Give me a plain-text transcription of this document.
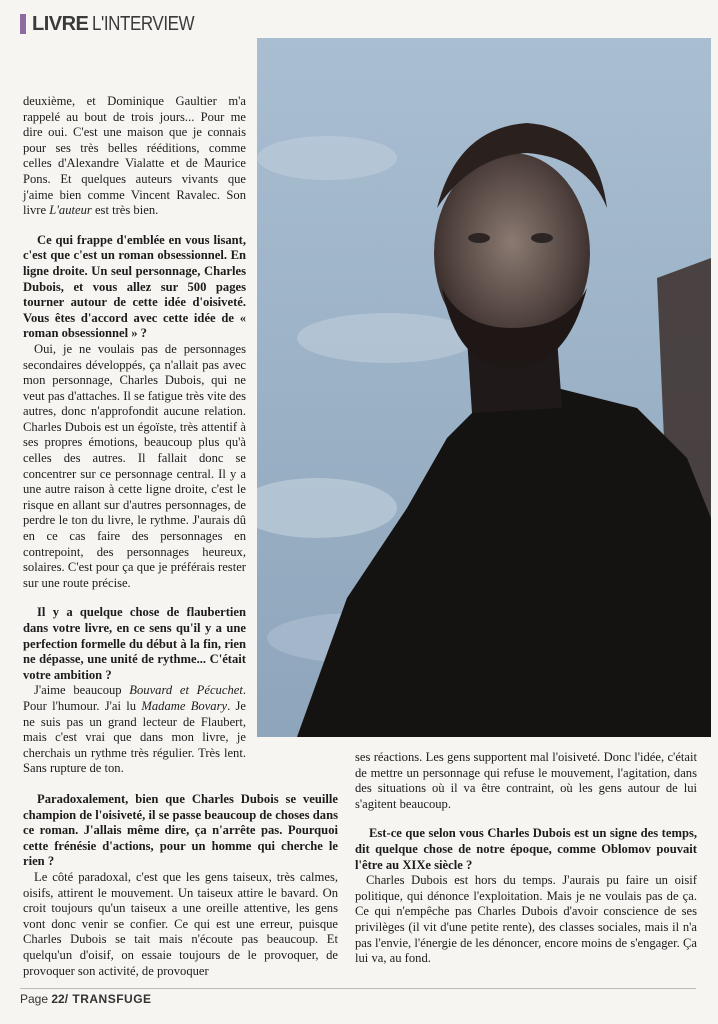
LIVRE L'INTERVIEW

deuxième, et Dominique Gaultier m'a rappelé au bout de trois jours... Pour me dire oui. C'est une maison que je connais pour ses très belles rééditions, comme celles d'Alexandre Vialatte et de Maurice Pons. Et quelques auteurs vivants que j'aime bien comme Vincent Ravalec. Son livre L'auteur est très bien.

Ce qui frappe d'emblée en vous lisant, c'est que c'est un roman obsessionnel. En ligne droite. Un seul personnage, Charles Dubois, et vous allez sur 500 pages tourner autour de cette idée d'oisiveté. Vous êtes d'accord avec cette idée de « roman obsessionnel » ?

Oui, je ne voulais pas de personnages secondaires développés, ça n'allait pas avec mon personnage, Charles Dubois, qui ne veut pas d'attaches. Il se fatigue très vite des autres, donc n'approfondit aucune relation. Charles Dubois est un égoïste, très attentif à ses propres émotions, beaucoup plus qu'à celles des autres. Il fallait donc se concentrer sur ce personnage central. Il y a une autre raison à cette ligne droite, c'est le risque en allant sur d'autres personnages, de perdre le ton du livre, le rythme. J'aurais dû en ce cas faire des personnages en contrepoint, des personnages heureux, solaires. C'est pour ça que je préférais rester sur une route précise.

Il y a quelque chose de flaubertien dans votre livre, en ce sens qu'il y a une perfection formelle du début à la fin, rien ne dépasse, une unité de rythme... C'était votre ambition ?

J'aime beaucoup Bouvard et Pécuchet. Pour l'humour. J'ai lu Madame Bovary. Je ne suis pas un grand lecteur de Flaubert, mais c'est vrai que dans mon livre, je cherchais un rythme très régulier. Très lent. Sans rupture de ton.

Paradoxalement, bien que Charles Dubois se veuille champion de l'oisiveté, il se passe beaucoup de choses dans ce roman. J'allais même dire, ça n'arrête pas. Pourquoi cette frénésie d'actions, pour un homme qui cherche le rien ?

Le côté paradoxal, c'est que les gens taiseux, très calmes, oisifs, attirent le mouvement. Un taiseux attire le bavard. On croit toujours qu'un taiseux a une oreille attentive, les gens vont donc venir se confier. Ce qui est une erreur, puisque Charles Dubois se tait mais n'écoute pas beaucoup. Et quelqu'un d'oisif, on essaie toujours de le provoquer, de provoquer son activité, de provoquer

ses réactions. Les gens supportent mal l'oisiveté. Donc l'idée, c'était de mettre un personnage qui refuse le mouvement, l'agitation, dans des situations où il va être contraint, où les gens autour de lui s'agitent beaucoup.

Est-ce que selon vous Charles Dubois est un signe des temps, dit quelque chose de notre époque, comme Oblomov pouvait l'être au XIXe siècle ?

Charles Dubois est hors du temps. J'aurais pu faire un oisif politique, qui dénonce l'exploitation. Mais je ne voulais pas de ça. Ce qui n'empêche pas Charles Dubois d'avoir conscience de ses privilèges (il vit d'une petite rente), des classes sociales, mais il n'a pas l'envie, l'énergie de les dénoncer, encore moins de s'engager. Ça lui va, au fond.

Page 22/ TRANSFUGE
